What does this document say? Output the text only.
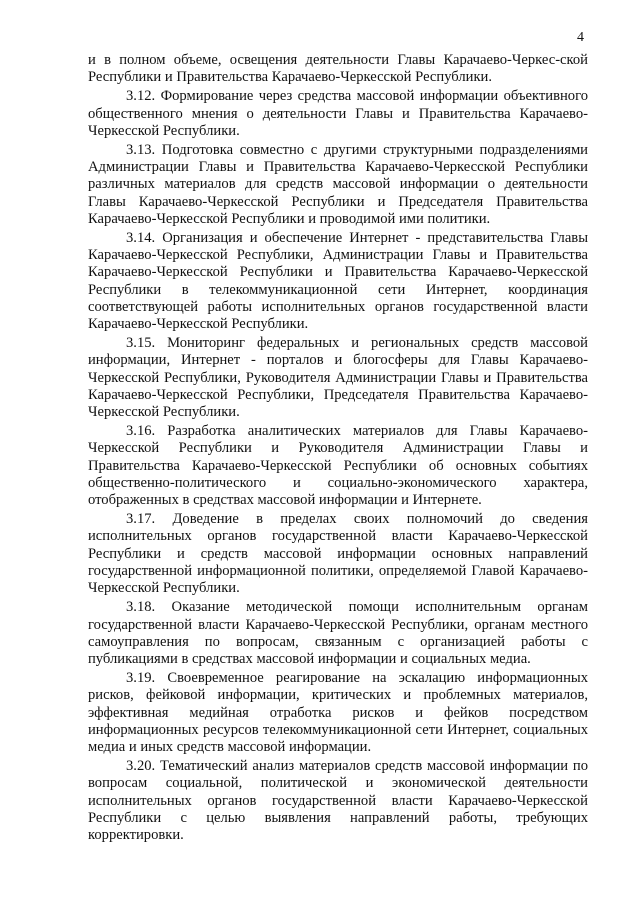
4

и в полном объеме, освещения деятельности Главы Карачаево-Черкес-ской Республики и Правительства Карачаево-Черкесской Республики.

3.12. Формирование через средства массовой информации объективного общественного мнения о деятельности Главы и Правительства Карачаево-Черкесской Республики.

3.13. Подготовка совместно с другими структурными подразделениями Администрации Главы и Правительства Карачаево-Черкесской Республики различных материалов для средств массовой информации о деятельности Главы Карачаево-Черкесской Республики и Председателя Правительства Карачаево-Черкесской Республики и проводимой ими политики.

3.14. Организация и обеспечение Интернет - представительства Главы Карачаево-Черкесской Республики, Администрации Главы и Правительства Карачаево-Черкесской Республики и Правительства Карачаево-Черкесской Республики в телекоммуникационной сети Интернет, координация соответствующей работы исполнительных органов государственной власти Карачаево-Черкесской Республики.

3.15. Мониторинг федеральных и региональных средств массовой информации, Интернет - порталов и блогосферы для Главы Карачаево-Черкесской Республики, Руководителя Администрации Главы и Правительства Карачаево-Черкесской Республики, Председателя Правительства Карачаево-Черкесской Республики.

3.16. Разработка аналитических материалов для Главы Карачаево-Черкесской Республики и Руководителя Администрации Главы и Правительства Карачаево-Черкесской Республики об основных событиях общественно-политического и социально-экономического характера, отображенных в средствах массовой информации и Интернете.

3.17. Доведение в пределах своих полномочий до сведения исполнительных органов государственной власти Карачаево-Черкесской Республики и средств массовой информации основных направлений государственной информационной политики, определяемой Главой Карачаево-Черкесской Республики.

3.18. Оказание методической помощи исполнительным органам государственной власти Карачаево-Черкесской Республики, органам местного самоуправления по вопросам, связанным с организацией работы с публикациями в средствах массовой информации и социальных медиа.

3.19. Своевременное реагирование на эскалацию информационных рисков, фейковой информации, критических и проблемных материалов, эффективная медийная отработка рисков и фейков посредством информационных ресурсов телекоммуникационной сети Интернет, социальных медиа и иных средств массовой информации.

3.20. Тематический анализ материалов средств массовой информации по вопросам социальной, политической и экономической деятельности исполнительных органов государственной власти Карачаево-Черкесской Республики с целью выявления направлений работы, требующих корректировки.
